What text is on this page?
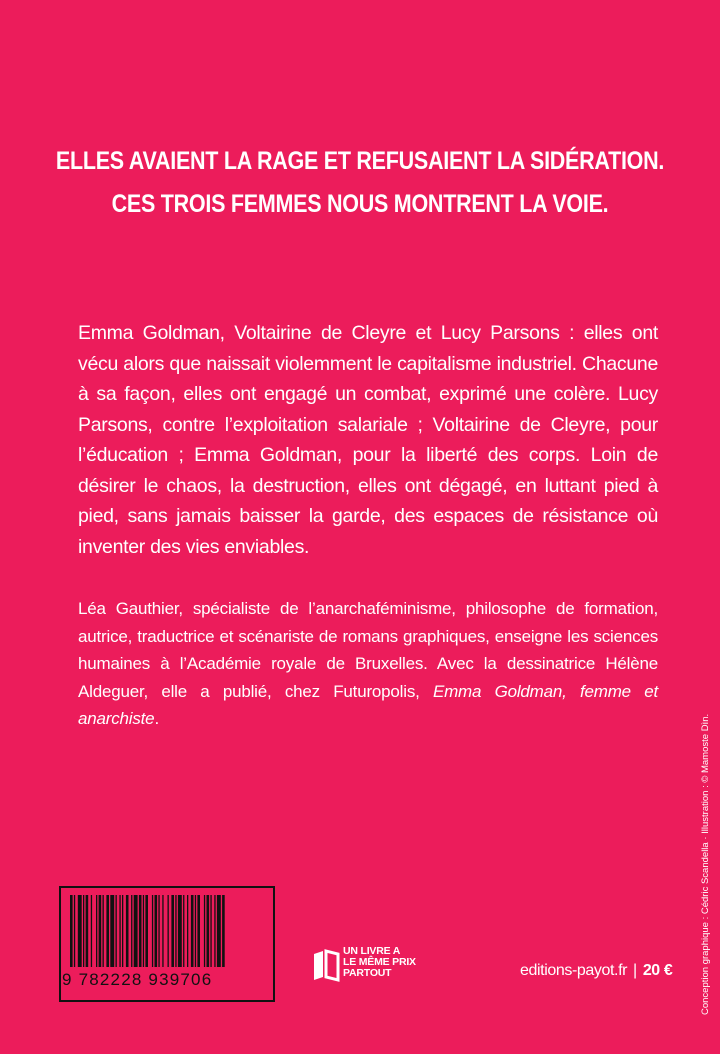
ELLES AVAIENT LA RAGE ET REFUSAIENT LA SIDÉRATION.
CES TROIS FEMMES NOUS MONTRENT LA VOIE.

Emma Goldman, Voltairine de Cleyre et Lucy Parsons : elles ont vécu alors que naissait violemment le capitalisme industriel. Chacune à sa façon, elles ont engagé un combat, exprimé une colère. Lucy Parsons, contre l’exploitation salariale ; Voltairine de Cleyre, pour l’éducation ; Emma Goldman, pour la liberté des corps. Loin de désirer le chaos, la destruction, elles ont dégagé, en luttant pied à pied, sans jamais baisser la garde, des espaces de résistance où inventer des vies enviables.

Léa Gauthier, spécialiste de l’anarchaféminisme, philosophe de formation, autrice, traductrice et scénariste de romans graphiques, enseigne les sciences humaines à l’Académie royale de Bruxelles. Avec la dessinatrice Hélène Aldeguer, elle a publié, chez Futuropolis, Emma Goldman, femme et anarchiste.	Conception graphique : Cédric Scandella · Illustration : © Mamoste Dìn.
9 782228 939706
UN LIVRE A
LE MÊME PRIX
PARTOUT	editions-payot.fr | 20 €
